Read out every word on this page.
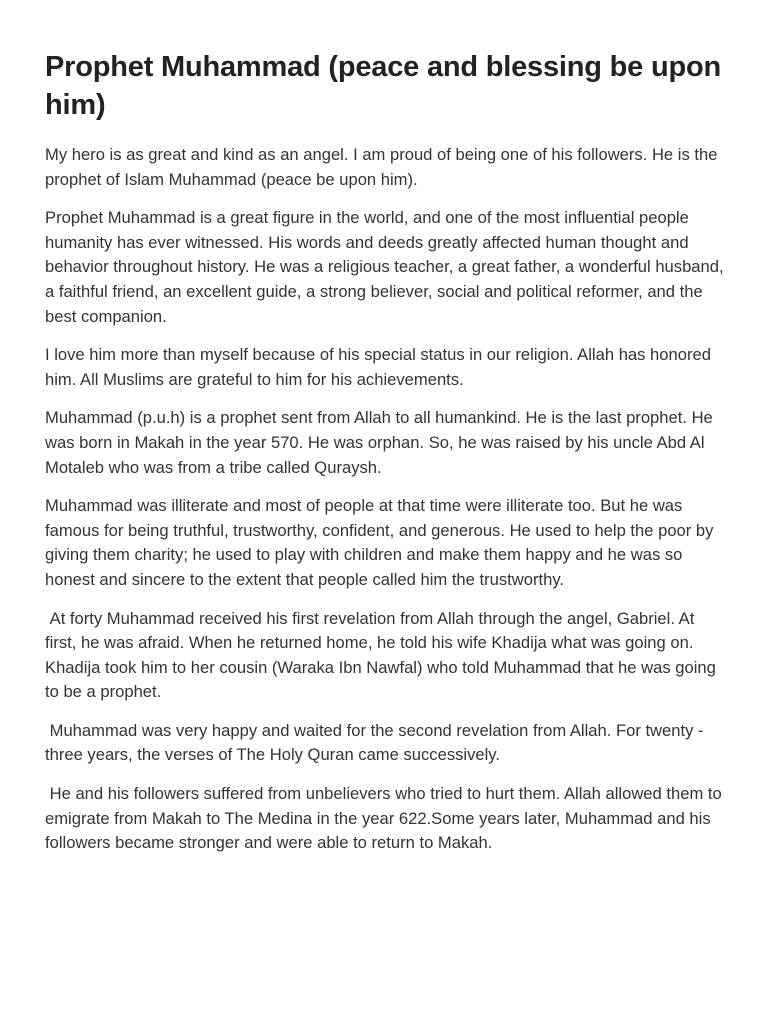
Prophet Muhammad (peace and blessing be upon him)

My hero is as great and kind as an angel. I am proud of being one of his followers. He is the prophet of Islam Muhammad (peace be upon him).

Prophet Muhammad is a great figure in the world, and one of the most influential people humanity has ever witnessed. His words and deeds greatly affected human thought and behavior throughout history. He was a religious teacher, a great father, a wonderful husband, a faithful friend, an excellent guide, a strong believer, social and political reformer, and the best companion.

I love him more than myself because of his special status in our religion. Allah has honored him. All Muslims are grateful to him for his achievements.

Muhammad (p.u.h) is a prophet sent from Allah to all humankind. He is the last prophet. He was born in Makah in the year 570. He was orphan. So, he was raised by his uncle Abd Al Motaleb who was from a tribe called Quraysh.

Muhammad was illiterate and most of people at that time were illiterate too. But he was famous for being truthful, trustworthy, confident, and generous. He used to help the poor by giving them charity; he used to play with children and make them happy and he was so honest and sincere to the extent that people called him the trustworthy.

At forty Muhammad received his first revelation from Allah through the angel, Gabriel. At first, he was afraid. When he returned home, he told his wife Khadija what was going on. Khadija took him to her cousin (Waraka Ibn Nawfal) who told Muhammad that he was going to be a prophet.

Muhammad was very happy and waited for the second revelation from Allah. For twenty -three years, the verses of The Holy Quran came successively.

He and his followers suffered from unbelievers who tried to hurt them. Allah allowed them to emigrate from Makah to The Medina in the year 622.Some years later, Muhammad and his followers became stronger and were able to return to Makah.
